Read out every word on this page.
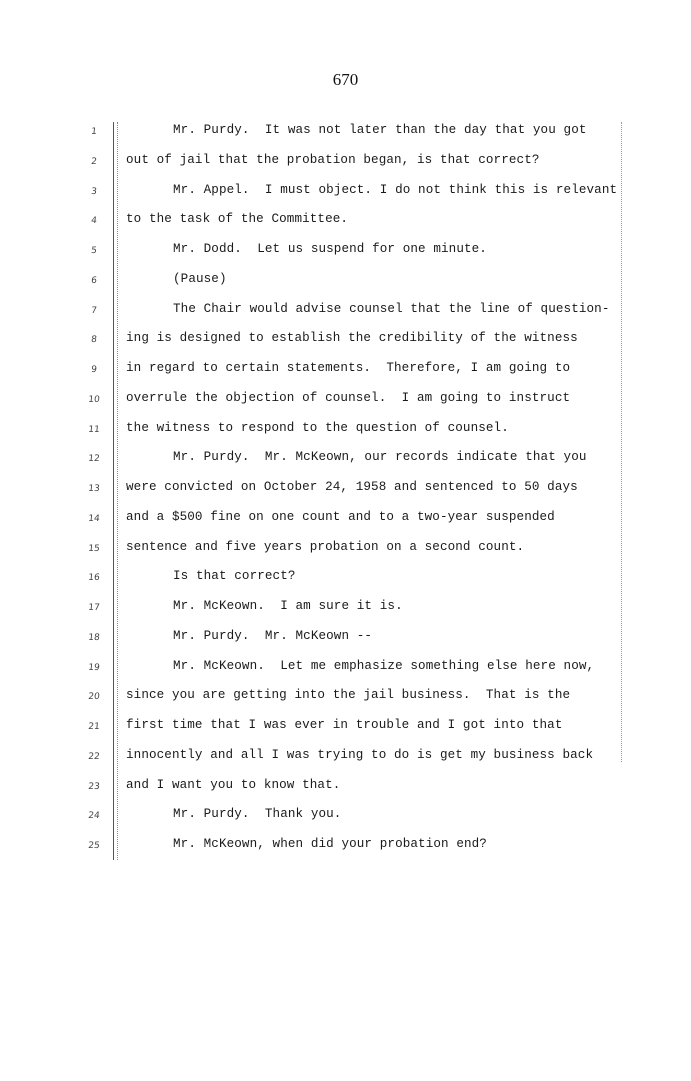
670
1	Mr. Purdy.  It was not later than the day that you got
2	out of jail that the probation began, is that correct?
3	Mr. Appel.  I must object. I do not think this is relevant
4	to the task of the Committee.
5	Mr. Dodd.  Let us suspend for one minute.
6	(Pause)
7	The Chair would advise counsel that the line of question-
8	ing is designed to establish the credibility of the witness
9	in regard to certain statements.  Therefore, I am going to
10	overrule the objection of counsel.  I am going to instruct
11	the witness to respond to the question of counsel.
12	Mr. Purdy.  Mr. McKeown, our records indicate that you
13	were convicted on October 24, 1958 and sentenced to 50 days
14	and a $500 fine on one count and to a two-year suspended
15	sentence and five years probation on a second count.
16	Is that correct?
17	Mr. McKeown.  I am sure it is.
18	Mr. Purdy.  Mr. McKeown --
19	Mr. McKeown.  Let me emphasize something else here now,
20	since you are getting into the jail business.  That is the
21	first time that I was ever in trouble and I got into that
22	innocently and all I was trying to do is get my business back
23	and I want you to know that.
24	Mr. Purdy.  Thank you.
25	Mr. McKeown, when did your probation end?
